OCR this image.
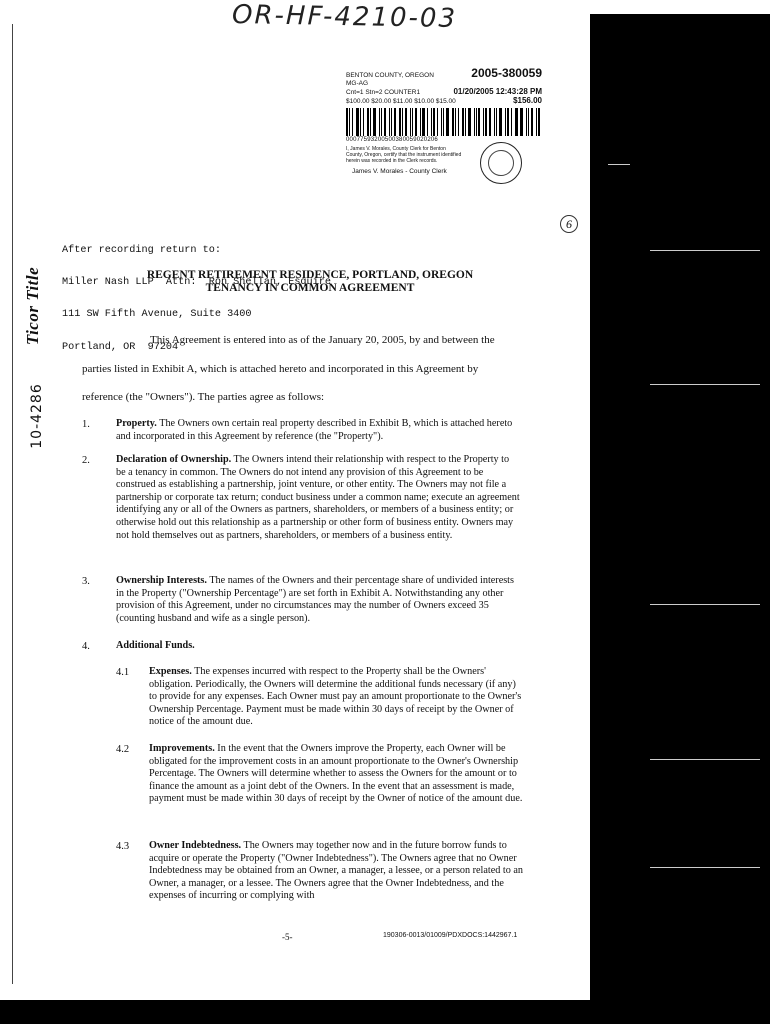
OR-HF-4210-03
BENTON COUNTY, OREGON	2005-380059
MG-AG
Cnt=1 Stn=2 COUNTER1	01/20/2005 12:43:28 PM
$100.00 $20.00 $11.00 $10.00 $15.00	$156.00
00077593200500380059020206
I, James V. Morales, County Clerk for Benton County, Oregon, certify that the instrument identified herein was recorded in the Clerk records.
James V. Morales - County Clerk
6

After recording return to:

Miller Nash LLP  Attn:  Ron Shellan, Esquire

111 SW Fifth Avenue, Suite 3400

Portland, OR  97204

Ticor Title
10-4286
REGENT RETIREMENT RESIDENCE, PORTLAND, OREGON
TENANCY IN COMMON AGREEMENT
This Agreement is entered into as of the January 20, 2005, by and between the
parties listed in Exhibit A, which is attached hereto and incorporated in this Agreement by
reference (the "Owners"). The parties agree as follows:
1.	Property. The Owners own certain real property described in Exhibit B, which is attached hereto and incorporated in this Agreement by reference (the "Property").
2.	Declaration of Ownership. The Owners intend their relationship with respect to the Property to be a tenancy in common. The Owners do not intend any provision of this Agreement to be construed as establishing a partnership, joint venture, or other entity. The Owners may not file a partnership or corporate tax return; conduct business under a common name; execute an agreement identifying any or all of the Owners as partners, shareholders, or members of a business entity; or otherwise hold out this relationship as a partnership or other form of business entity. Owners may not hold themselves out as partners, shareholders, or members of a business entity.
3.	Ownership Interests. The names of the Owners and their percentage share of undivided interests in the Property ("Ownership Percentage") are set forth in Exhibit A. Notwithstanding any other provision of this Agreement, under no circumstances may the number of Owners exceed 35 (counting husband and wife as a single person).
4.	Additional Funds.
4.1 Expenses. The expenses incurred with respect to the Property shall be the Owners' obligation. Periodically, the Owners will determine the additional funds necessary (if any) to provide for any expenses. Each Owner must pay an amount proportionate to the Owner's Ownership Percentage. Payment must be made within 30 days of receipt by the Owner of notice of the amount due.
4.2 Improvements. In the event that the Owners improve the Property, each Owner will be obligated for the improvement costs in an amount proportionate to the Owner's Ownership Percentage. The Owners will determine whether to assess the Owners for the amount or to finance the amount as a joint debt of the Owners. In the event that an assessment is made, payment must be made within 30 days of receipt by the Owner of notice of the amount due.
4.3 Owner Indebtedness. The Owners may together now and in the future borrow funds to acquire or operate the Property ("Owner Indebtedness"). The Owners agree that no Owner Indebtedness may be obtained from an Owner, a manager, a lessee, or a person related to an Owner, a manager, or a lessee. The Owners agree that the Owner Indebtedness, and the expenses of incurring or complying with
-5-	190306-0013/01009/PDXDOCS:1442967.1
